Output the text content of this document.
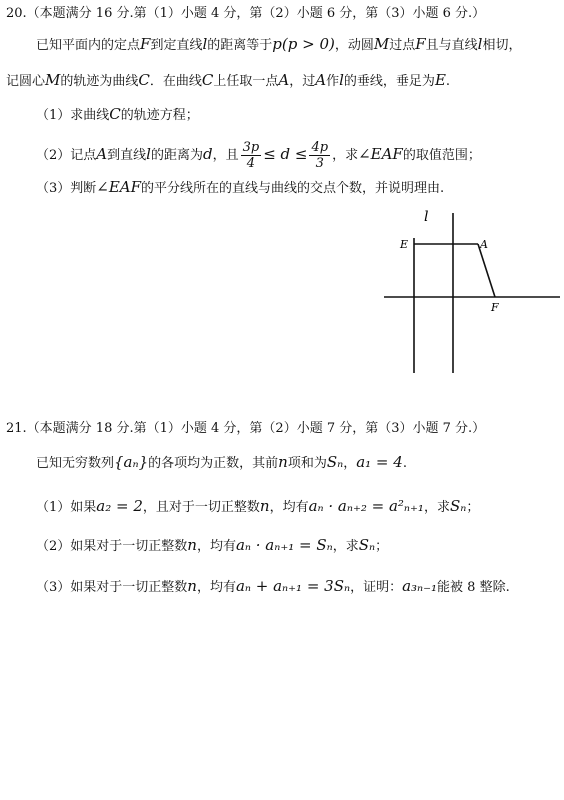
20.（本题满分 16 分.第（1）小题 4 分，第（2）小题 6 分，第（3）小题 6 分.）
已知平面内的定点F到定直线l的距离等于p(p > 0)，动圆M过点F且与直线l相切，
记圆心M的轨迹为曲线C．在曲线C上任取一点A，过A作l的垂线，垂足为E.
（1）求曲线C的轨迹方程；
（2）记点A到直线l的距离为d，且 $\frac{3p}{4} \le d \le \frac{4p}{3}$ ，求∠EAF的取值范围；
（3）判断∠EAF的平分线所在的直线与曲线的交点个数，并说明理由.
l
E	A
F
21.（本题满分 18 分.第（1）小题 4 分，第（2）小题 7 分，第（3）小题 7 分.）
已知无穷数列{aₙ}的各项均为正数，其前n项和为Sₙ，a₁ = 4.
（1）如果a₂ = 2，且对于一切正整数n，均有aₙ · aₙ₊₂ = a²ₙ₊₁，求Sₙ；
（2）如果对于一切正整数n，均有aₙ · aₙ₊₁ = Sₙ，求Sₙ；
（3）如果对于一切正整数n，均有aₙ + aₙ₊₁ = 3Sₙ，证明：a₃ₙ₋₁能被 8 整除.
